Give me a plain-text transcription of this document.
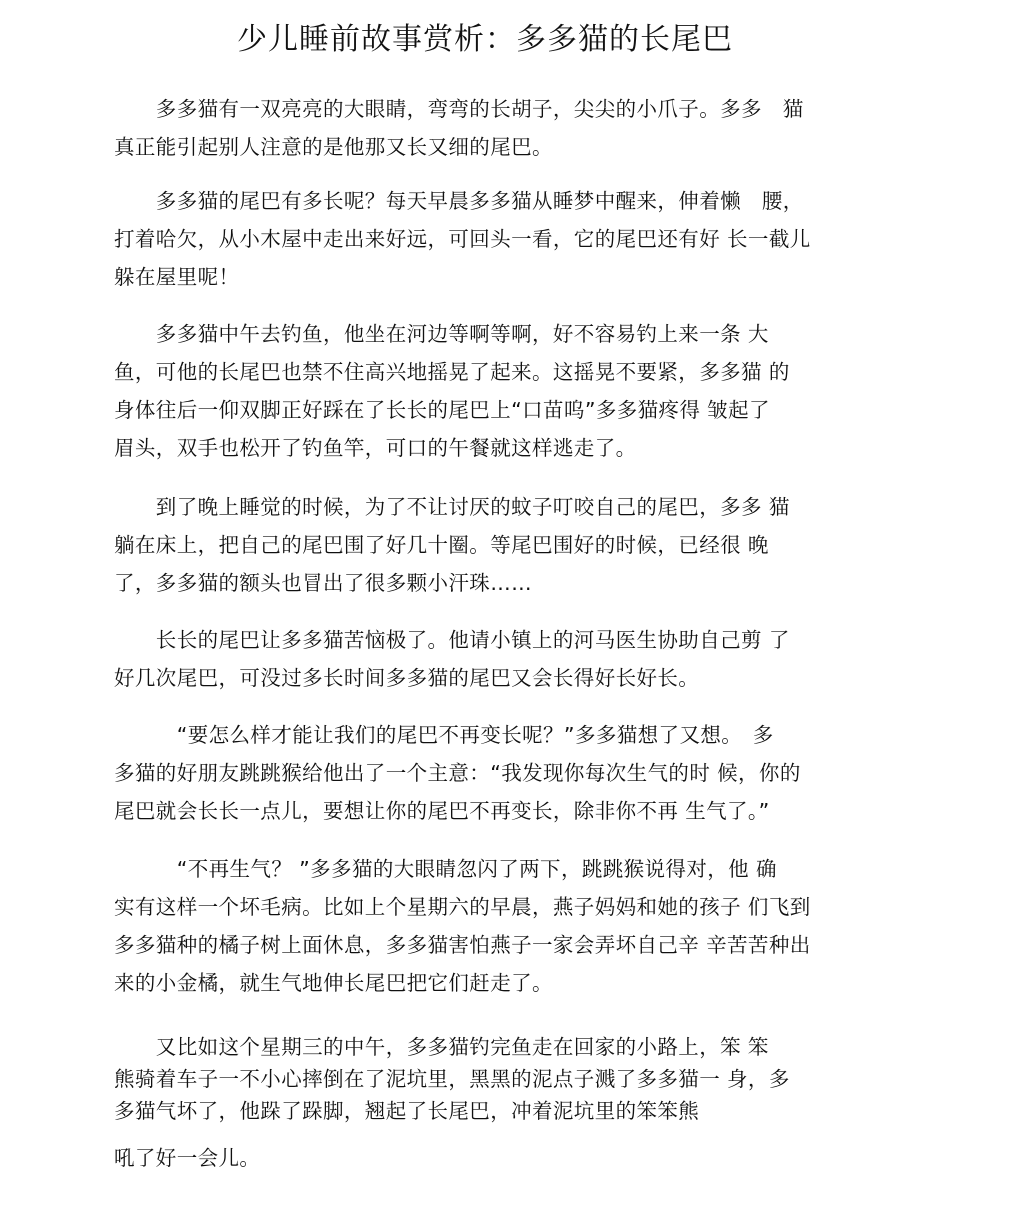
少儿睡前故事赏析：多多猫的长尾巴
　　多多猫有一双亮亮的大眼睛，弯弯的长胡子，尖尖的小爪子。多多　猫
真正能引起别人注意的是他那又长又细的尾巴。
　　多多猫的尾巴有多长呢？每天早晨多多猫从睡梦中醒来，伸着懒　腰，
打着哈欠，从小木屋中走出来好远，可回头一看，它的尾巴还有好 长一截儿
躲在屋里呢！
　　多多猫中午去钓鱼，他坐在河边等啊等啊，好不容易钓上来一条 大
鱼，可他的长尾巴也禁不住高兴地摇晃了起来。这摇晃不要紧，多多猫 的
身体往后一仰双脚正好踩在了长长的尾巴上“口苗呜”多多猫疼得 皱起了
眉头，双手也松开了钓鱼竿，可口的午餐就这样逃走了。
　　到了晚上睡觉的时候，为了不让讨厌的蚊子叮咬自己的尾巴，多多 猫
躺在床上，把自己的尾巴围了好几十圈。等尾巴围好的时候，已经很 晚
了，多多猫的额头也冒出了很多颗小汗珠……
　　长长的尾巴让多多猫苦恼极了。他请小镇上的河马医生协助自己剪 了
好几次尾巴，可没过多长时间多多猫的尾巴又会长得好长好长。
　　　“要怎么样才能让我们的尾巴不再变长呢？”多多猫想了又想。　多
多猫的好朋友跳跳猴给他出了一个主意：“我发现你每次生气的时 候，你的
尾巴就会长长一点儿，要想让你的尾巴不再变长，除非你不再 生气了。”
　　　“不再生气？ ”多多猫的大眼睛忽闪了两下，跳跳猴说得对，他 确
实有这样一个坏毛病。比如上个星期六的早晨，燕子妈妈和她的孩子 们飞到
多多猫种的橘子树上面休息，多多猫害怕燕子一家会弄坏自己辛 辛苦苦种出
来的小金橘，就生气地伸长尾巴把它们赶走了。
　　又比如这个星期三的中午，多多猫钓完鱼走在回家的小路上，笨 笨
熊骑着车子一不小心摔倒在了泥坑里，黑黑的泥点子溅了多多猫一 身，多
多猫气坏了，他跺了跺脚，翘起了长尾巴，冲着泥坑里的笨笨熊
吼了好一会儿。
